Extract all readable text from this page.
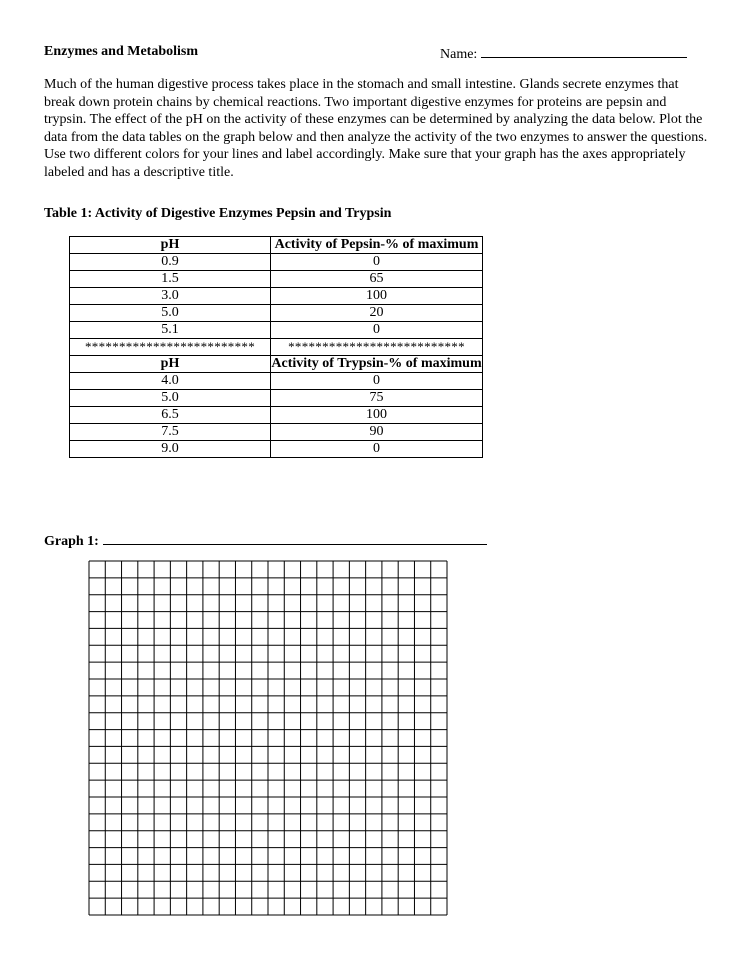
Enzymes and Metabolism	Name:
Much of the human digestive process takes place in the stomach and small intestine. Glands secrete enzymes that break down protein chains by chemical reactions. Two important digestive enzymes for proteins are pepsin and trypsin. The effect of the pH on the activity of these enzymes can be determined by analyzing the data below. Plot the data from the data tables on the graph below and then analyze the activity of the two enzymes to answer the questions. Use two different colors for your lines and label accordingly. Make sure that your graph has the axes appropriately labeled and has a descriptive title.
Table 1: Activity of Digestive Enzymes Pepsin and Trypsin
pH	Activity of Pepsin-% of maximum
0.9	0
1.5	65
3.0	100
5.0	20
5.1	0
*************************	**************************
pH	Activity of Trypsin-% of maximum
4.0	0
5.0	75
6.5	100
7.5	90
9.0	0
Graph 1:
